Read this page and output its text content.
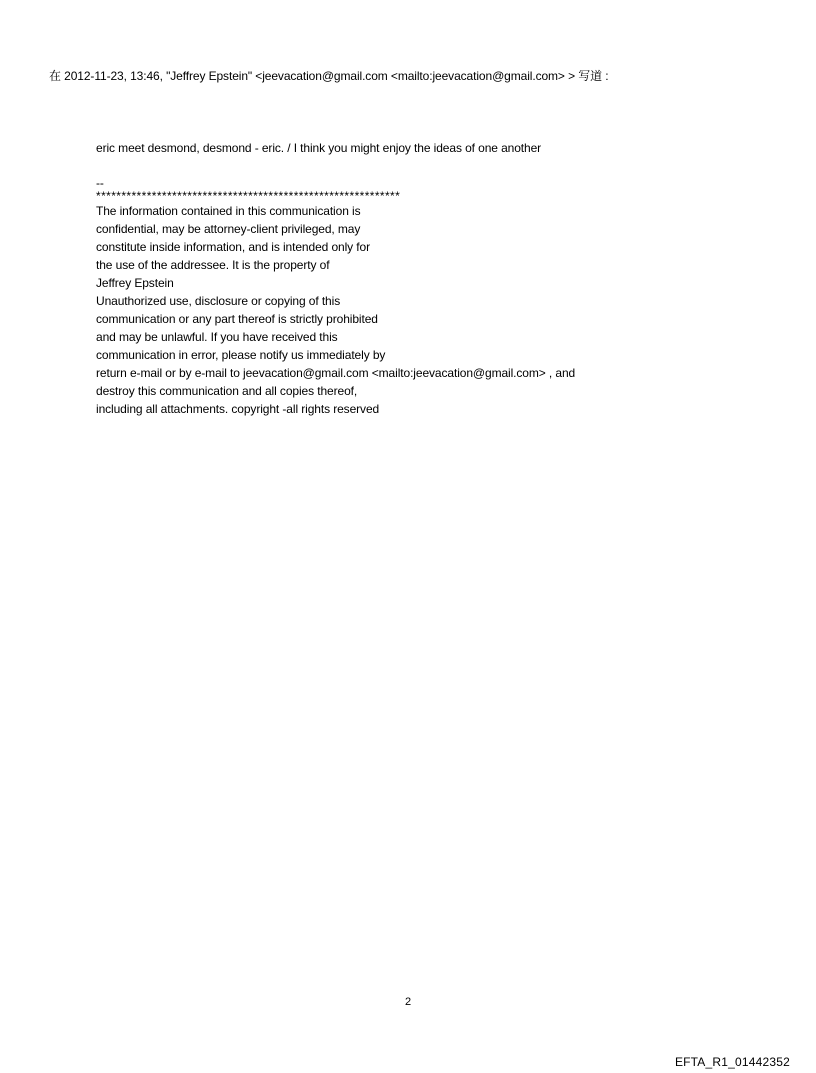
在 2012-11-23, 13:46, "Jeffrey Epstein" <jeevacation@gmail.com <mailto:jeevacation@gmail.com> > 写道 :
eric meet desmond, desmond - eric. / I think you might enjoy the ideas of one another
--
************************************************************
The information contained in this communication is
confidential, may be attorney-client privileged, may
constitute inside information, and is intended only for
the use of the addressee. It is the property of
Jeffrey Epstein
Unauthorized use, disclosure or copying of this
communication or any part thereof is strictly prohibited
and may be unlawful. If you have received this
communication in error, please notify us immediately by
return e-mail or by e-mail to jeevacation@gmail.com <mailto:jeevacation@gmail.com> , and
destroy this communication and all copies thereof,
including all attachments. copyright -all rights reserved
2
EFTA_R1_01442352
